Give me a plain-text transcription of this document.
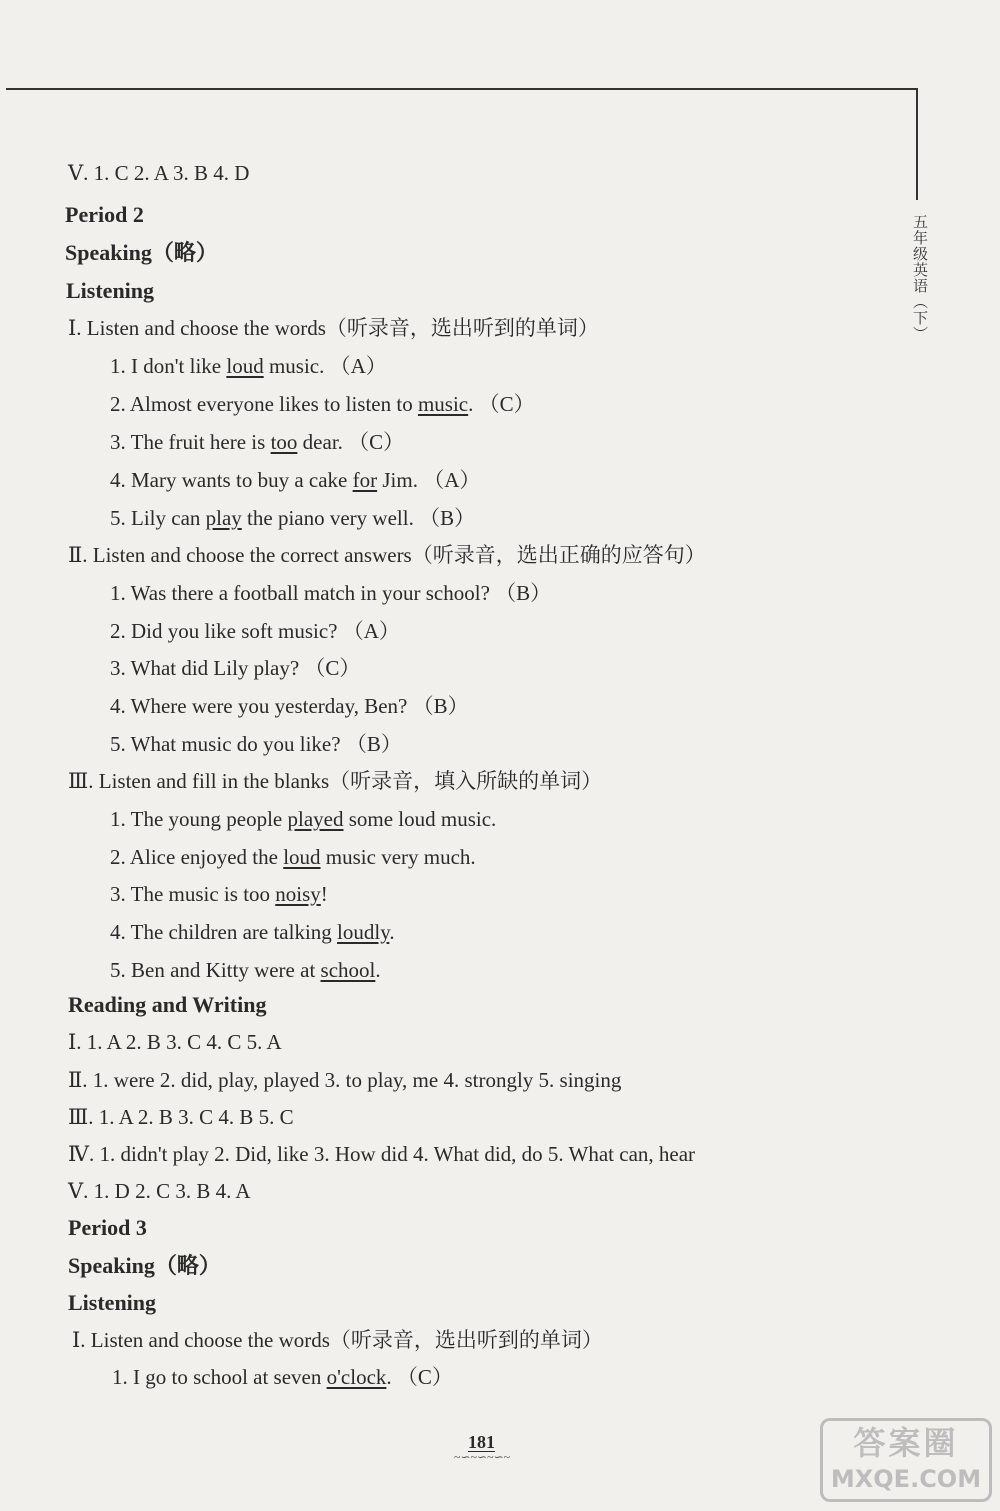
五年级英语（下）
Ⅴ. 1. C 2. A 3. B 4. D
Period 2
Speaking（略）
Listening
Ⅰ. Listen and choose the words（听录音，选出听到的单词）
1. I don't like loud music. （A）
2. Almost everyone likes to listen to music. （C）
3. The fruit here is too dear. （C）
4. Mary wants to buy a cake for Jim. （A）
5. Lily can play the piano very well. （B）
Ⅱ. Listen and choose the correct answers（听录音，选出正确的应答句）
1. Was there a football match in your school? （B）
2. Did you like soft music? （A）
3. What did Lily play? （C）
4. Where were you yesterday, Ben? （B）
5. What music do you like? （B）
Ⅲ. Listen and fill in the blanks（听录音，填入所缺的单词）
1. The young people played some loud music.
2. Alice enjoyed the loud music very much.
3. The music is too noisy!
4. The children are talking loudly.
5. Ben and Kitty were at school.
Reading and Writing
Ⅰ. 1. A 2. B 3. C 4. C 5. A
Ⅱ. 1. were 2. did, play, played 3. to play, me 4. strongly 5. singing
Ⅲ. 1. A 2. B 3. C 4. B 5. C
Ⅳ. 1. didn't play 2. Did, like 3. How did 4. What did, do 5. What can, hear
Ⅴ. 1. D 2. C 3. B 4. A
Period 3
Speaking（略）
Listening
Ⅰ. Listen and choose the words（听录音，选出听到的单词）
1. I go to school at seven o'clock. （C）
181
~∽~∽~∽~	答案圈
MXQE.COM
